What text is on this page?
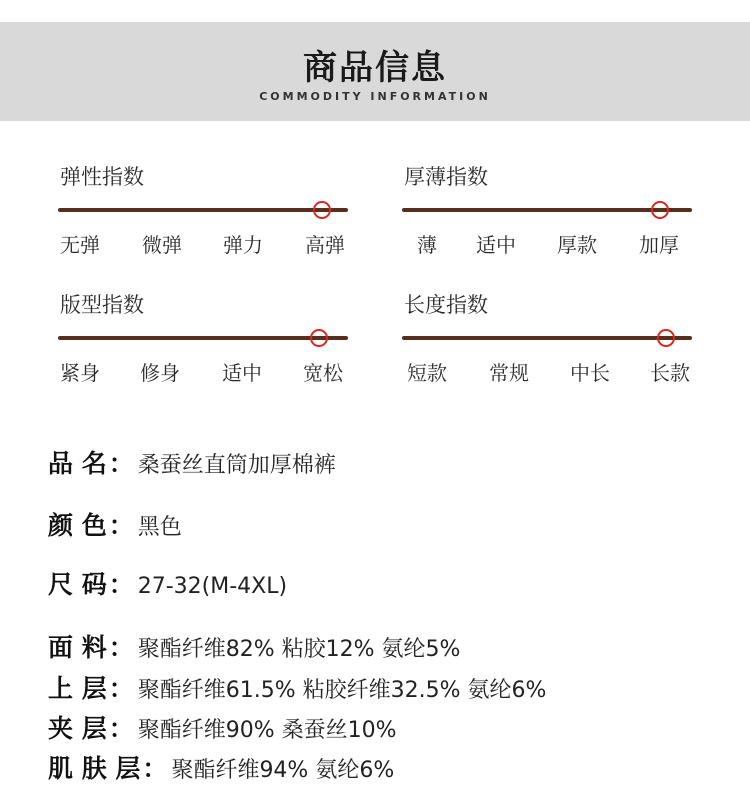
商品信息
COMMODITY INFORMATION
弹性指数
无弹 微弹 弹力 高弹
厚薄指数
薄 适中 厚款 加厚
版型指数
紧身 修身 适中 宽松
长度指数
短款 常规 中长 长款
品 名： 桑蚕丝直筒加厚棉裤
颜 色： 黑色
尺 码： 27-32(M-4XL)
面 料： 聚酯纤维82% 粘胶12% 氨纶5%
上 层： 聚酯纤维61.5% 粘胶纤维32.5% 氨纶6%
夹 层： 聚酯纤维90% 桑蚕丝10%
肌 肤 层： 聚酯纤维94% 氨纶6%
